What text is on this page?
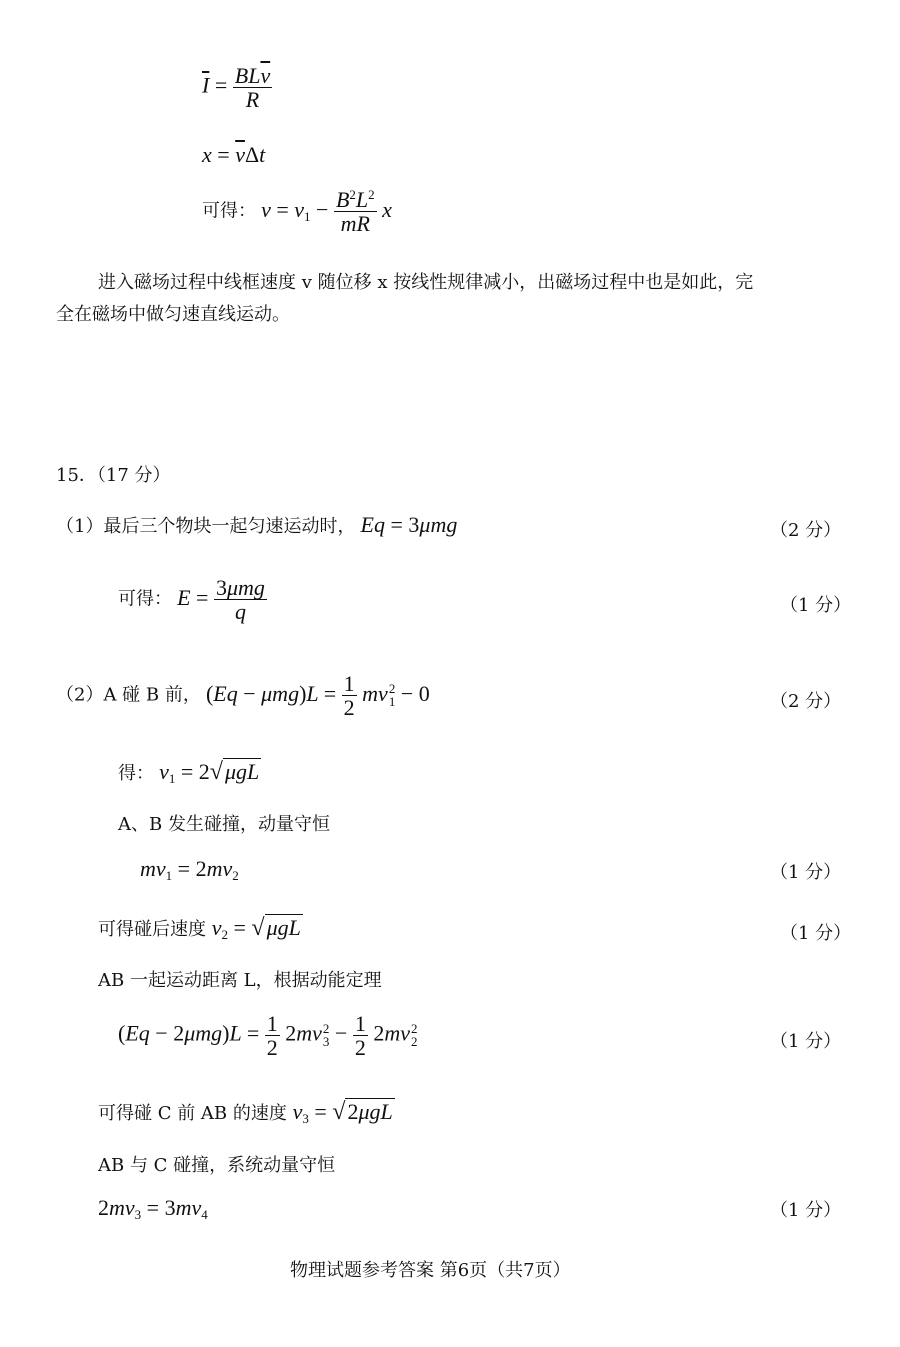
$\overline{I} = \frac{BL\overline{v}}{R}$
$x = \overline{v}\Delta t$
可得： $v = v_1 - \frac{B^2L^2}{mR}$ x
进入磁场过程中线框速度 v 随位移 x 按线性规律减小，出磁场过程中也是如此，完
全在磁场中做匀速直线运动。
15．（17 分）
（1）最后三个物块一起匀速运动时， Eq = 3μmg	（2 分）
可得： $E = \frac{\text{3μmg}}{q}$	（1 分）
（2）A 碰 B 前， $(Eq - \mu mg)L = \frac{1}{2}$ mv 2
1 − 0	（2 分）
得： $v_1 = 2√\mu gL$
A、B 发生碰撞，动量守恒
$mv_1 = 2mv_2$	（1 分）
可得碰后速度 $v_2 = √\mu gL$	（1 分）
AB 一起运动距离 L，根据动能定理
$(Eq - 2\mu mg)L = \frac{1}{2} 2mv$ 2
$3 - \frac{1}{2} 2mv$ 2
2	（1 分）
可得碰 C 前 AB 的速度 $v_3 = √2\mu gL$
AB 与 C 碰撞，系统动量守恒
$2mv_3 = 3mv_4$	（1 分）
物理试题参考答案 第6页（共7页）
